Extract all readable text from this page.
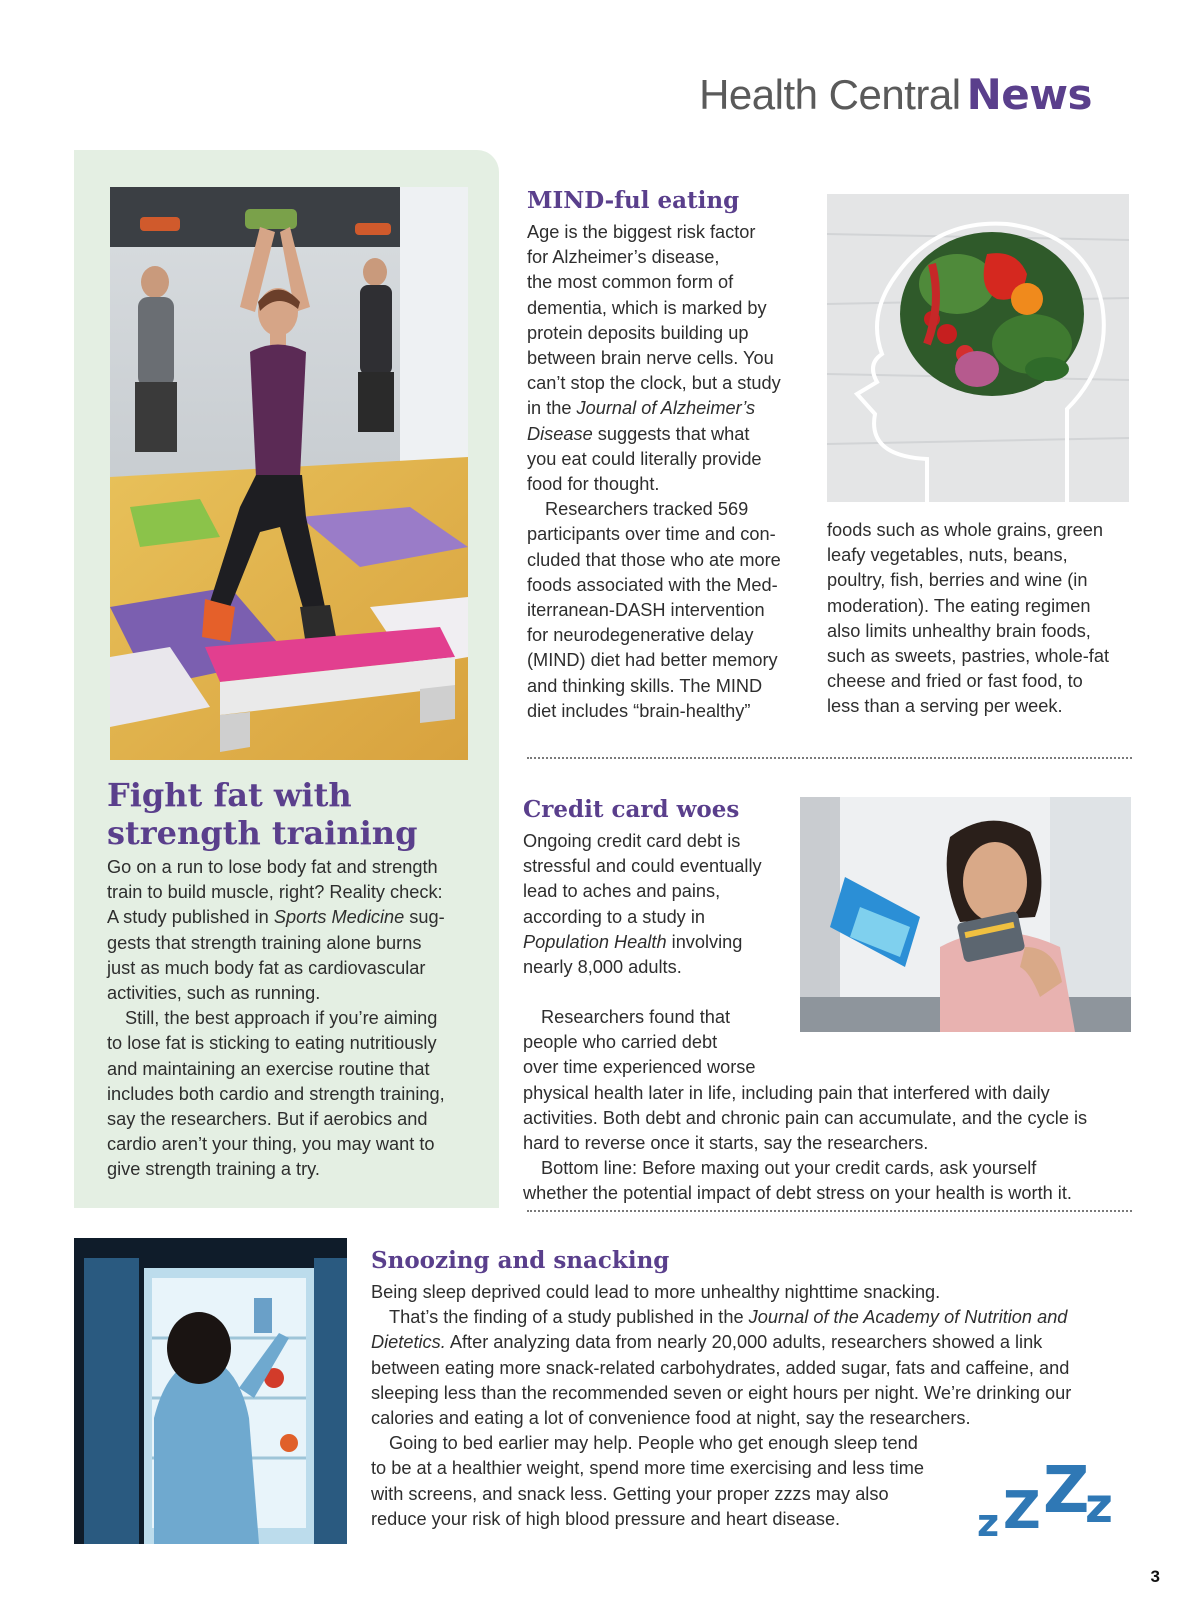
Health Central News
Fight fat with
strength training

Go on a run to lose body fat and strength
train to build muscle, right? Reality check:
A study published in Sports Medicine sug-
gests that strength training alone burns
just as much body fat as cardiovascular
activities, such as running.

Still, the best approach if you’re aiming
to lose fat is sticking to eating nutritiously
and maintaining an exercise routine that
includes both cardio and strength training,
say the researchers. But if aerobics and
cardio aren’t your thing, you may want to
give strength training a try.

MIND-ful eating

Age is the biggest risk factor
for Alzheimer’s disease,
the most common form of
dementia, which is marked by
protein deposits building up
between brain nerve cells. You
can’t stop the clock, but a study
in the Journal of Alzheimer’s
Disease suggests that what
you eat could literally provide
food for thought.

Researchers tracked 569
participants over time and con-
cluded that those who ate more
foods associated with the Med-
iterranean-DASH intervention
for neurodegenerative delay
(MIND) diet had better memory
and thinking skills. The MIND
diet includes “brain-healthy”

foods such as whole grains, green
leafy vegetables, nuts, beans,
poultry, fish, berries and wine (in
moderation). The eating regimen
also limits unhealthy brain foods,
such as sweets, pastries, whole-fat
cheese and fried or fast food, to
less than a serving per week.

Credit card woes

Ongoing credit card debt is
stressful and could eventually
lead to aches and pains,
according to a study in
Population Health involving
nearly 8,000 adults.

Researchers found that
people who carried debt
over time experienced worse
physical health later in life, including pain that interfered with daily
activities. Both debt and chronic pain can accumulate, and the cycle is
hard to reverse once it starts, say the researchers.

Bottom line: Before maxing out your credit cards, ask yourself
whether the potential impact of debt stress on your health is worth it.

Snoozing and snacking

Being sleep deprived could lead to more unhealthy nighttime snacking.

That’s the finding of a study published in the Journal of the Academy of Nutrition and
Dietetics. After analyzing data from nearly 20,000 adults, researchers showed a link
between eating more snack-related carbohydrates, added sugar, fats and caffeine, and
sleeping less than the recommended seven or eight hours per night. We’re drinking our
calories and eating a lot of convenience food at night, say the researchers.

Going to bed earlier may help. People who get enough sleep tend
to be at a healthier weight, spend more time exercising and less time
with screens, and snack less. Getting your proper zzzs may also
reduce your risk of high blood pressure and heart disease.	z Z Z
z
3
